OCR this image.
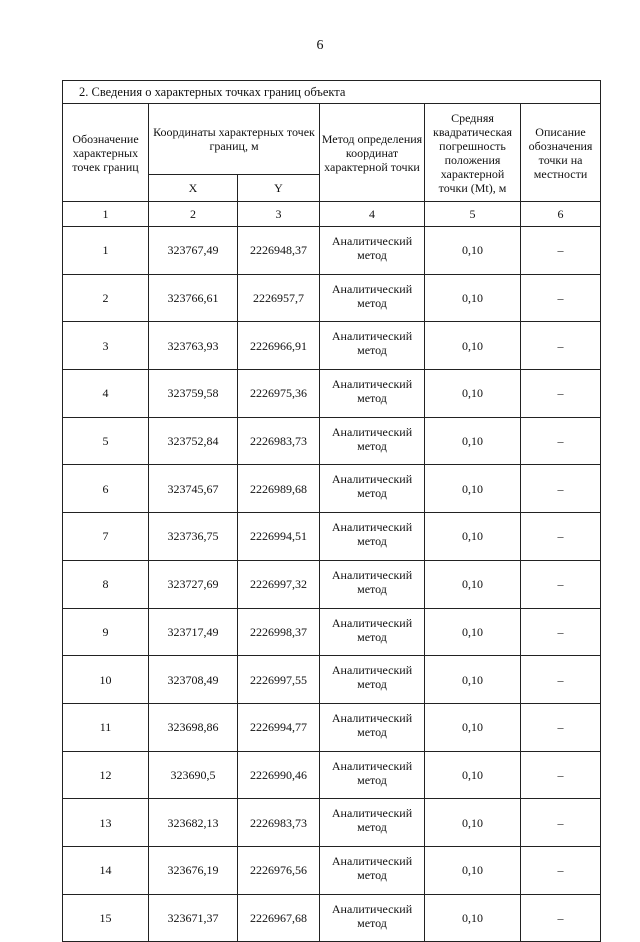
6
2. Сведения о характерных точках границ объекта					
Обозначение характерных точек границ	Координаты характерных точек границ, м		Метод определения координат характерной точки	Средняя квадратическая погрешность положения характерной точки (Мt), м	Описание обозначения точки на местности
	X	Y			
1	2	3	4	5	6
1	323767,49	2226948,37	Аналитический метод	0,10	–
2	323766,61	2226957,7	Аналитический метод	0,10	–
3	323763,93	2226966,91	Аналитический метод	0,10	–
4	323759,58	2226975,36	Аналитический метод	0,10	–
5	323752,84	2226983,73	Аналитический метод	0,10	–
6	323745,67	2226989,68	Аналитический метод	0,10	–
7	323736,75	2226994,51	Аналитический метод	0,10	–
8	323727,69	2226997,32	Аналитический метод	0,10	–
9	323717,49	2226998,37	Аналитический метод	0,10	–
10	323708,49	2226997,55	Аналитический метод	0,10	–
11	323698,86	2226994,77	Аналитический метод	0,10	–
12	323690,5	2226990,46	Аналитический метод	0,10	–
13	323682,13	2226983,73	Аналитический метод	0,10	–
14	323676,19	2226976,56	Аналитический метод	0,10	–
15	323671,37	2226967,68	Аналитический метод	0,10	–
